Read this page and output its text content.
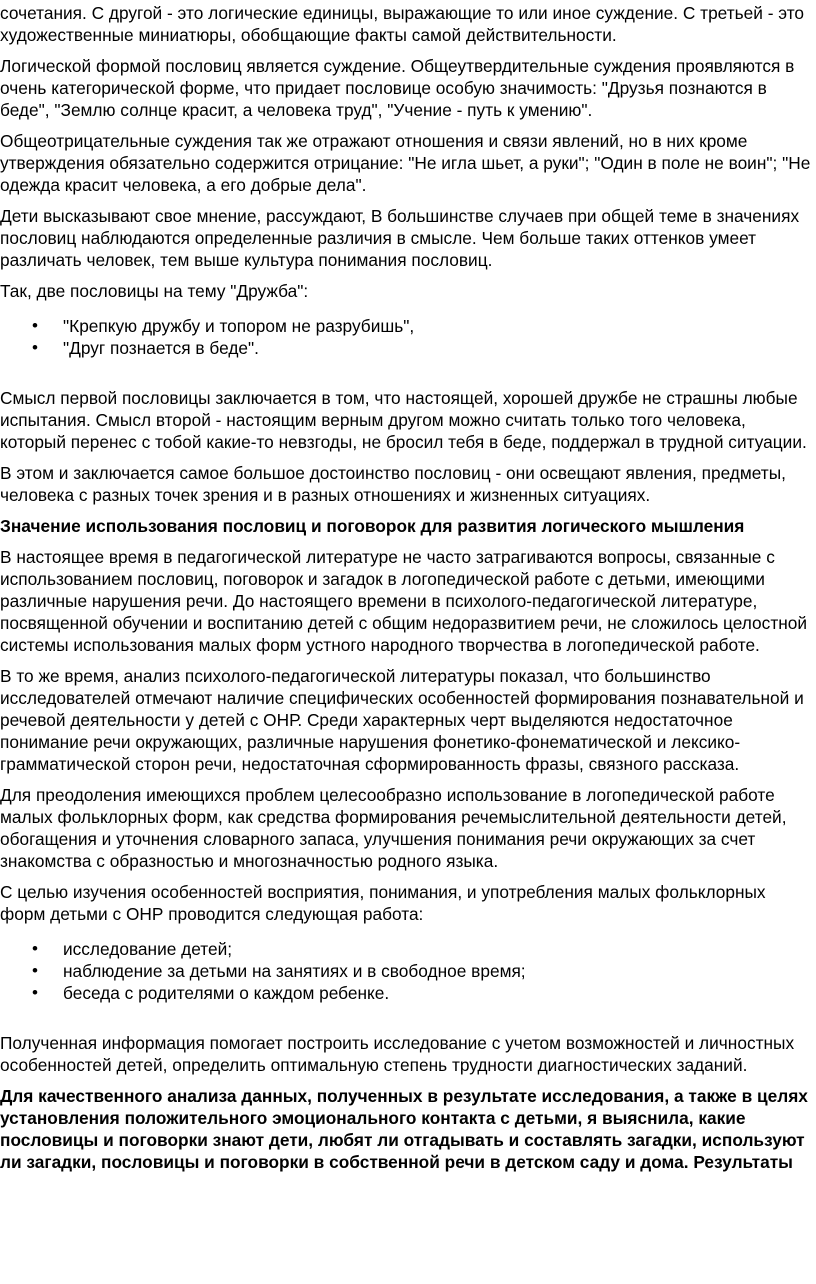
сочетания. С другой - это логические единицы, выражающие то или иное суждение. С третьей - это художественные миниатюры, обобщающие факты самой действительности.

Логической формой пословиц является суждение. Общеутвердительные суждения проявляются в очень категорической форме, что придает пословице особую значимость: "Друзья познаются в беде", "Землю солнце красит, а человека труд", "Учение - путь к умению".

Общеотрицательные суждения так же отражают отношения и связи явлений, но в них кроме утверждения обязательно содержится отрицание: "Не игла шьет, а руки"; "Один в поле не воин"; "Не одежда красит человека, а его добрые дела".

Дети высказывают свое мнение, рассуждают, В большинстве случаев при общей теме в значениях пословиц наблюдаются определенные различия в смысле. Чем больше таких оттенков умеет различать человек, тем выше культура понимания пословиц.

Так, две пословицы на тему "Дружба":

• "Крепкую дружбу и топором не разрубишь",
• "Друг познается в беде".

Смысл первой пословицы заключается в том, что настоящей, хорошей дружбе не страшны любые испытания. Смысл второй - настоящим верным другом можно считать только того человека, который перенес с тобой какие-то невзгоды, не бросил тебя в беде, поддержал в трудной ситуации.

В этом и заключается самое большое достоинство пословиц - они освещают явления, предметы, человека с разных точек зрения и в разных отношениях и жизненных ситуациях.

Значение использования пословиц и поговорок для развития логического мышления

В настоящее время в педагогической литературе не часто затрагиваются вопросы, связанные с использованием пословиц, поговорок и загадок в логопедической работе с детьми, имеющими различные нарушения речи. До настоящего времени в психолого-педагогической литературе, посвященной обучении и воспитанию детей с общим недоразвитием речи, не сложилось целостной системы использования малых форм устного народного творчества в логопедической работе.

В то же время, анализ психолого-педагогической литературы показал, что большинство исследователей отмечают наличие специфических особенностей формирования познавательной и речевой деятельности у детей с ОНР. Среди характерных черт выделяются недостаточное понимание речи окружающих, различные нарушения фонетико-фонематической и лексико-грамматической сторон речи, недостаточная сформированность фразы, связного рассказа.

Для преодоления имеющихся проблем целесообразно использование в логопедической работе малых фольклорных форм, как средства формирования речемыслительной деятельности детей, обогащения и уточнения словарного запаса, улучшения понимания речи окружающих за счет знакомства с образностью и многозначностью родного языка.

С целью изучения особенностей восприятия, понимания, и употребления малых фольклорных форм детьми с ОНР проводится следующая работа:

• исследование детей;
• наблюдение за детьми на занятиях и в свободное время;
• беседа с родителями о каждом ребенке.

Полученная информация помогает построить исследование с учетом возможностей и личностных особенностей детей, определить оптимальную степень трудности диагностических заданий.

Для качественного анализа данных, полученных в результате исследования, а также в целях установления положительного эмоционального контакта с детьми, я выяснила, какие пословицы и поговорки знают дети, любят ли отгадывать и составлять загадки, используют ли загадки, пословицы и поговорки в собственной речи в детском саду и дома. Результаты
